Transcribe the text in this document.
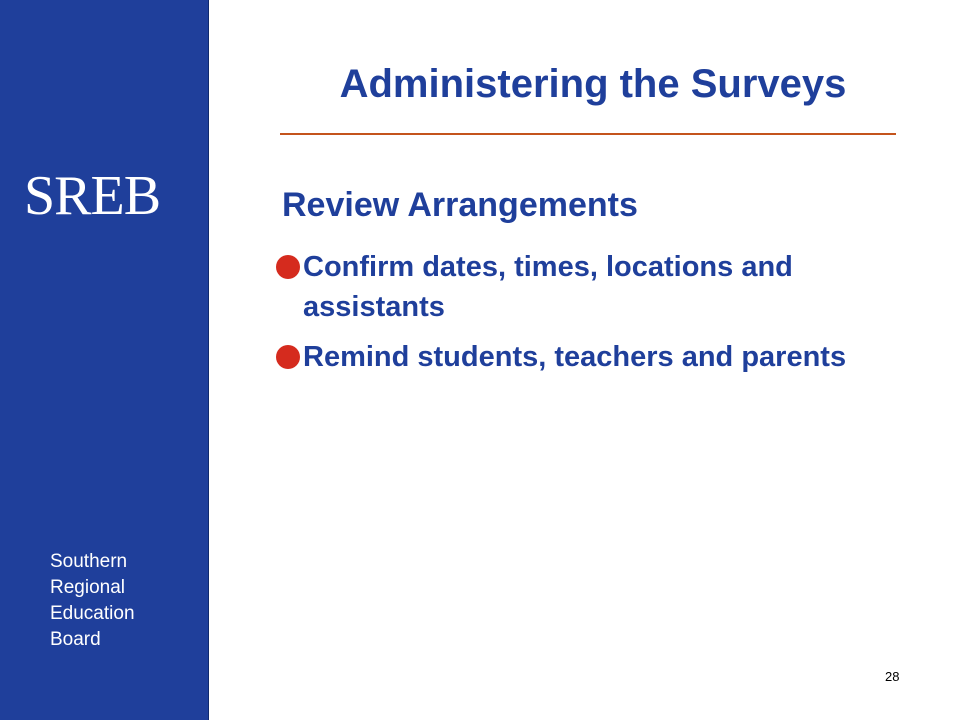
SREB
Southern
Regional
Education
Board
Administering the Surveys
Review Arrangements
Confirm dates, times, locations and assistants
Remind students, teachers and parents
28
